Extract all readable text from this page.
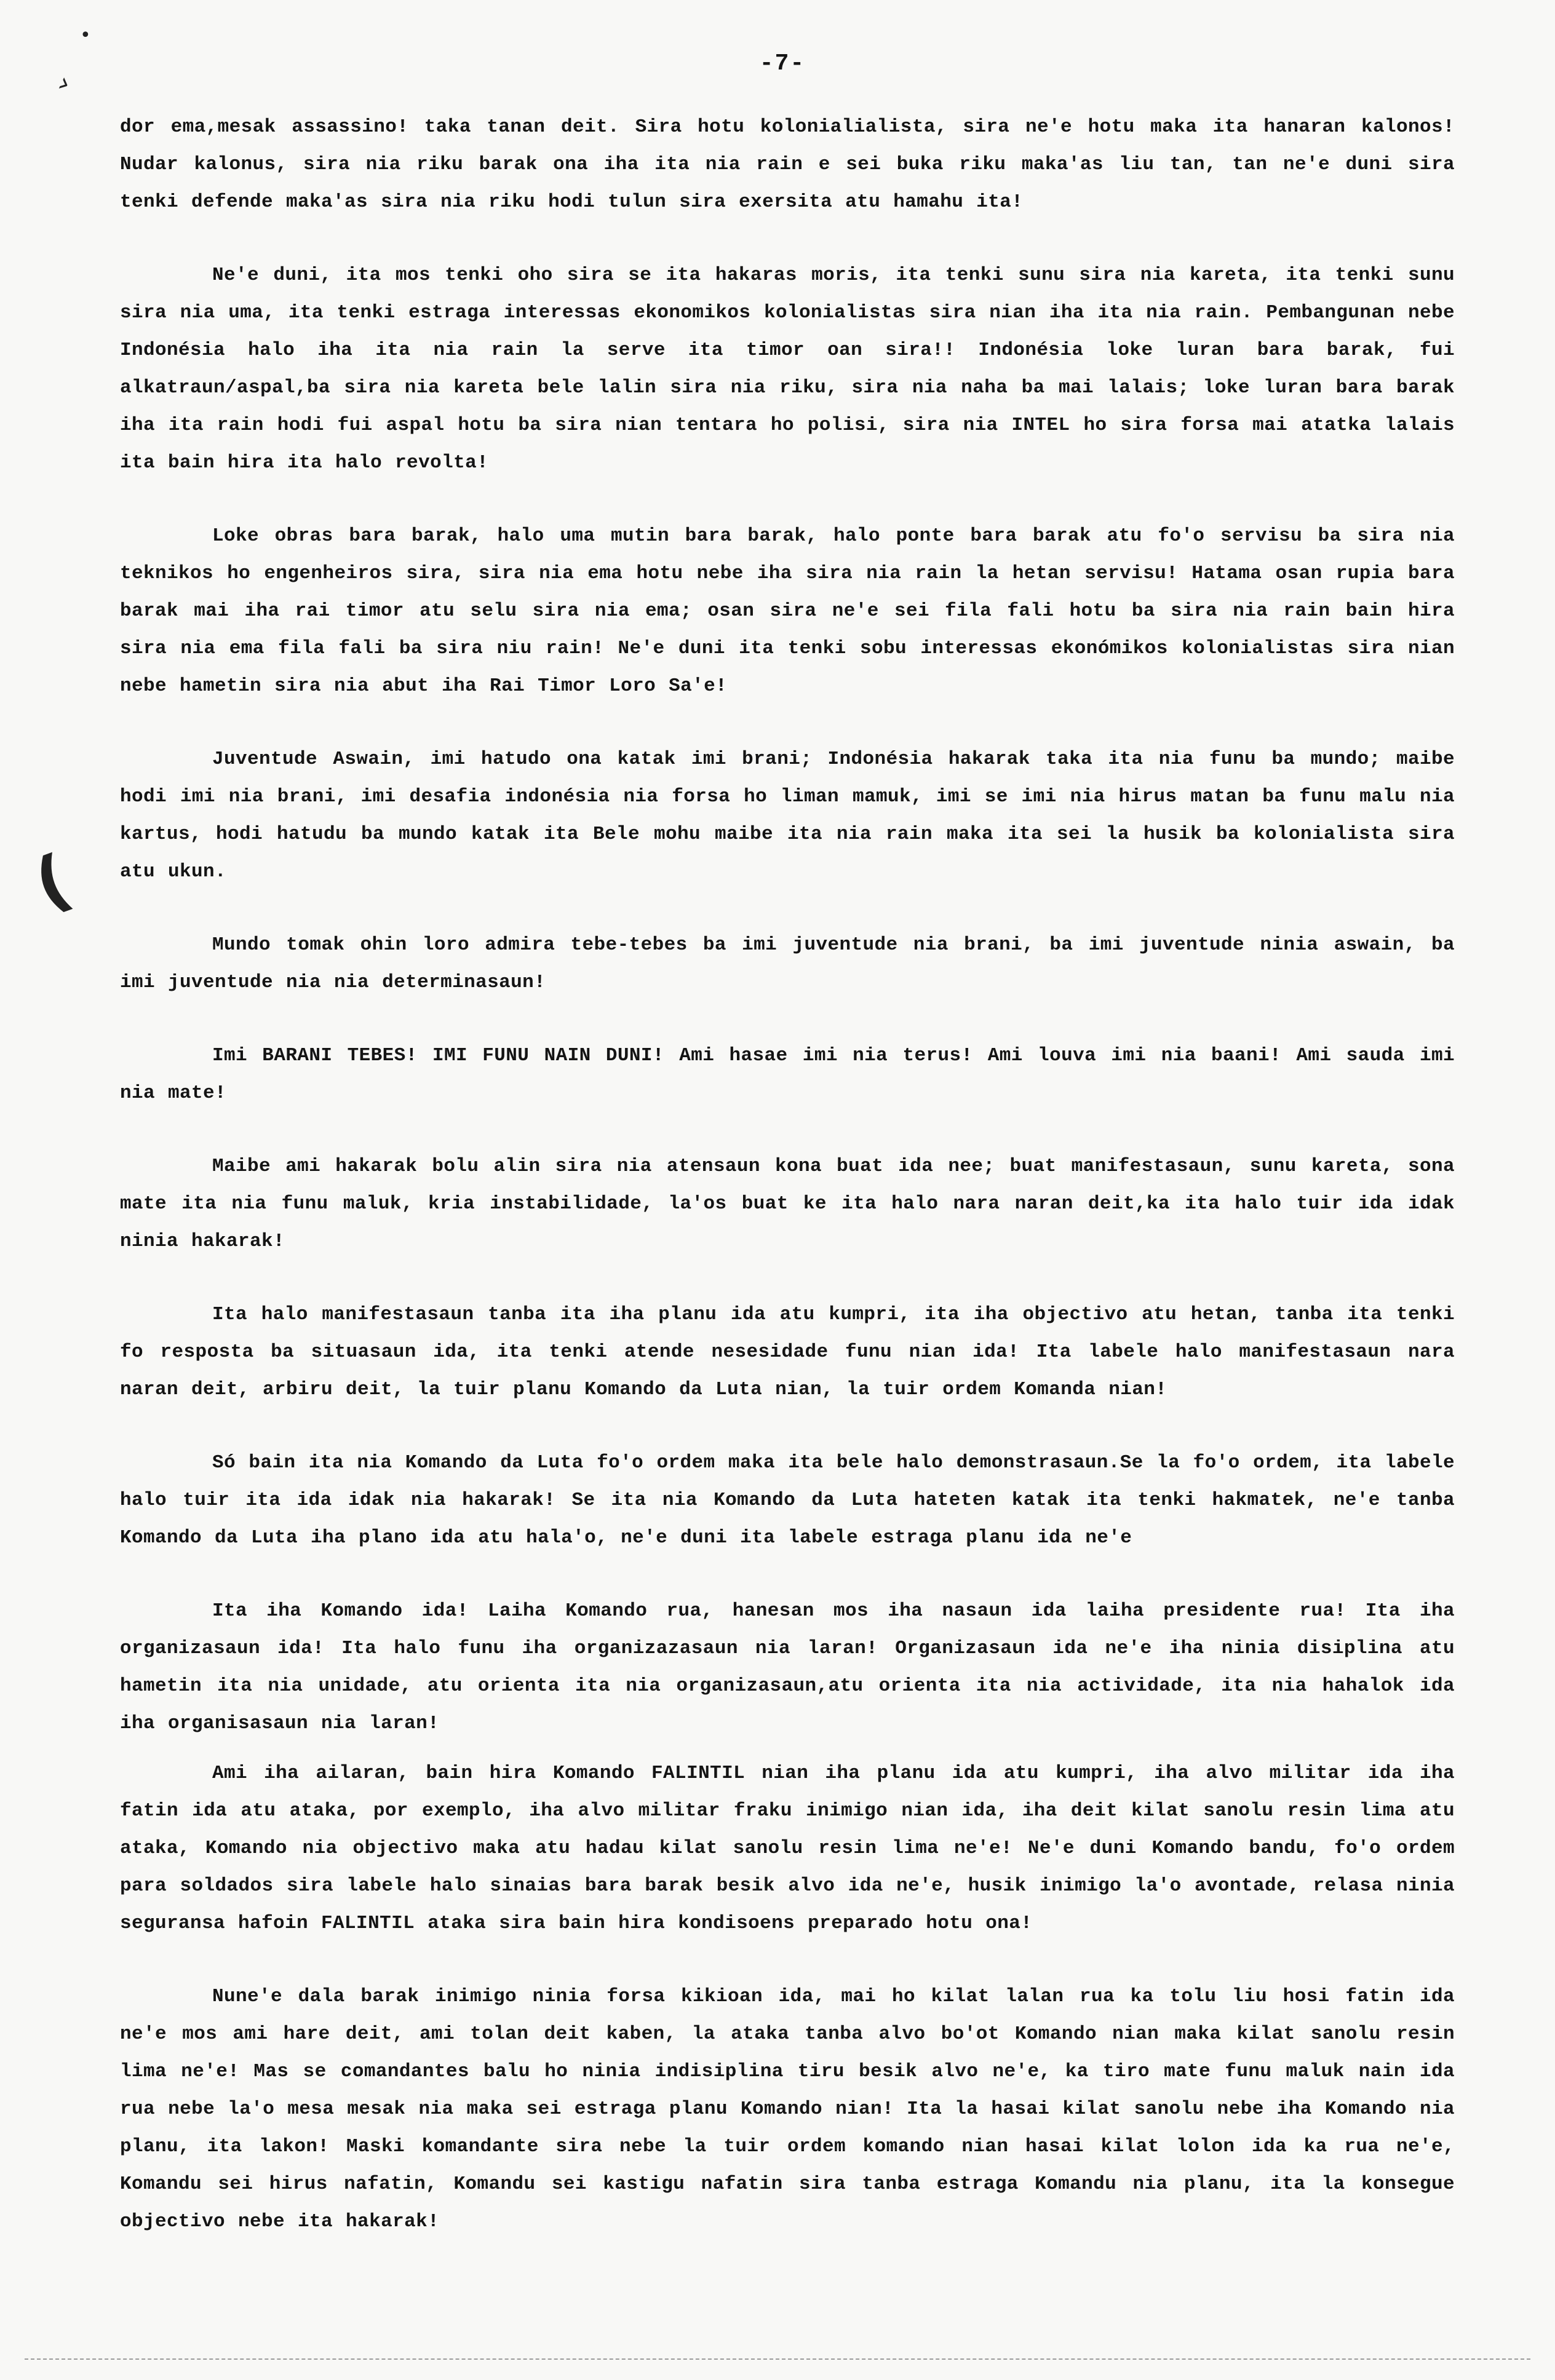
•
›
(
-7-

dor ema,mesak assassino! taka tanan deit. Sira hotu kolonialialista, sira ne'e hotu maka ita hanaran kalonos! Nudar kalonus, sira nia riku barak ona iha ita nia rain e sei buka riku maka'as liu tan, tan ne'e duni sira tenki defende maka'as sira nia riku hodi tulun sira exersita atu hamahu ita!

Ne'e duni, ita mos tenki oho sira se ita hakaras moris, ita tenki sunu sira nia kareta, ita tenki sunu sira nia uma, ita tenki estraga interessas ekonomikos kolonialistas sira nian iha ita nia rain. Pembangunan nebe Indonésia halo iha ita nia rain la serve ita timor oan sira!! Indonésia loke luran bara barak, fui alkatraun/aspal,ba sira nia kareta bele lalin sira nia riku, sira nia naha ba mai lalais; loke luran bara barak iha ita rain hodi fui aspal hotu ba sira nian tentara ho polisi, sira nia INTEL ho sira forsa mai atatka lalais ita bain hira ita halo revolta!

Loke obras bara barak, halo uma mutin bara barak, halo ponte bara barak atu fo'o servisu ba sira nia teknikos ho engenheiros sira, sira nia ema hotu nebe iha sira nia rain la hetan servisu! Hatama osan rupia bara barak mai iha rai timor atu selu sira nia ema; osan sira ne'e sei fila fali hotu ba sira nia rain bain hira sira nia ema fila fali ba sira niu rain! Ne'e duni ita tenki sobu interessas ekonómikos kolonialistas sira nian nebe hametin sira nia abut iha Rai Timor Loro Sa'e!

Juventude Aswain, imi hatudo ona katak imi brani; Indonésia hakarak taka ita nia funu ba mundo; maibe hodi imi nia brani, imi desafia indonésia nia forsa ho liman mamuk, imi se imi nia hirus matan ba funu malu nia kartus, hodi hatudu ba mundo katak ita Bele mohu maibe ita nia rain maka ita sei la husik ba kolonialista sira atu ukun.

Mundo tomak ohin loro admira tebe-tebes ba imi juventude nia brani, ba imi juventude ninia aswain, ba imi juventude nia nia determinasaun!

Imi BARANI TEBES! IMI FUNU NAIN DUNI! Ami hasae imi nia terus! Ami louva imi nia baani! Ami sauda imi nia mate!

Maibe ami hakarak bolu alin sira nia atensaun kona buat ida nee; buat manifestasaun, sunu kareta, sona mate ita nia funu maluk, kria instabilidade, la'os buat ke ita halo nara naran deit,ka ita halo tuir ida idak ninia hakarak!

Ita halo manifestasaun tanba ita iha planu ida atu kumpri, ita iha objectivo atu hetan, tanba ita tenki fo resposta ba situasaun ida, ita tenki atende nesesidade funu nian ida! Ita labele halo manifestasaun nara naran deit, arbiru deit, la tuir planu Komando da Luta nian, la tuir ordem Komanda nian!

Só bain ita nia Komando da Luta fo'o ordem maka ita bele halo demonstrasaun.Se la fo'o ordem, ita labele halo tuir ita ida idak nia hakarak! Se ita nia Komando da Luta hateten katak ita tenki hakmatek, ne'e tanba Komando da Luta iha plano ida atu hala'o, ne'e duni ita labele estraga planu ida ne'e

Ita iha Komando ida! Laiha Komando rua, hanesan mos iha nasaun ida laiha presidente rua! Ita iha organizasaun ida! Ita halo funu iha organizazasaun nia laran! Organizasaun ida ne'e iha ninia disiplina atu hametin ita nia unidade, atu orienta ita nia organizasaun,atu orienta ita nia actividade, ita nia hahalok ida iha organisasaun nia laran!

Ami iha ailaran, bain hira Komando FALINTIL nian iha planu ida atu kumpri, iha alvo militar ida iha fatin ida atu ataka, por exemplo, iha alvo militar fraku inimigo nian ida, iha deit kilat sanolu resin lima atu ataka, Komando nia objectivo maka atu hadau kilat sanolu resin lima ne'e! Ne'e duni Komando bandu, fo'o ordem para soldados sira labele halo sinaias bara barak besik alvo ida ne'e, husik inimigo la'o avontade, relasa ninia seguransa hafoin FALINTIL ataka sira bain hira kondisoens preparado hotu ona!

Nune'e dala barak inimigo ninia forsa kikioan ida, mai ho kilat lalan rua ka tolu liu hosi fatin ida ne'e mos ami hare deit, ami tolan deit kaben, la ataka tanba alvo bo'ot Komando nian maka kilat sanolu resin lima ne'e! Mas se comandantes balu ho ninia indisiplina tiru besik alvo ne'e, ka tiro mate funu maluk nain ida rua nebe la'o mesa mesak nia maka sei estraga planu Komando nian! Ita la hasai kilat sanolu nebe iha Komando nia planu, ita lakon! Maski komandante sira nebe la tuir ordem komando nian hasai kilat lolon ida ka rua ne'e, Komandu sei hirus nafatin, Komandu sei kastigu nafatin sira tanba estraga Komandu nia planu, ita la konsegue objectivo nebe ita hakarak!
